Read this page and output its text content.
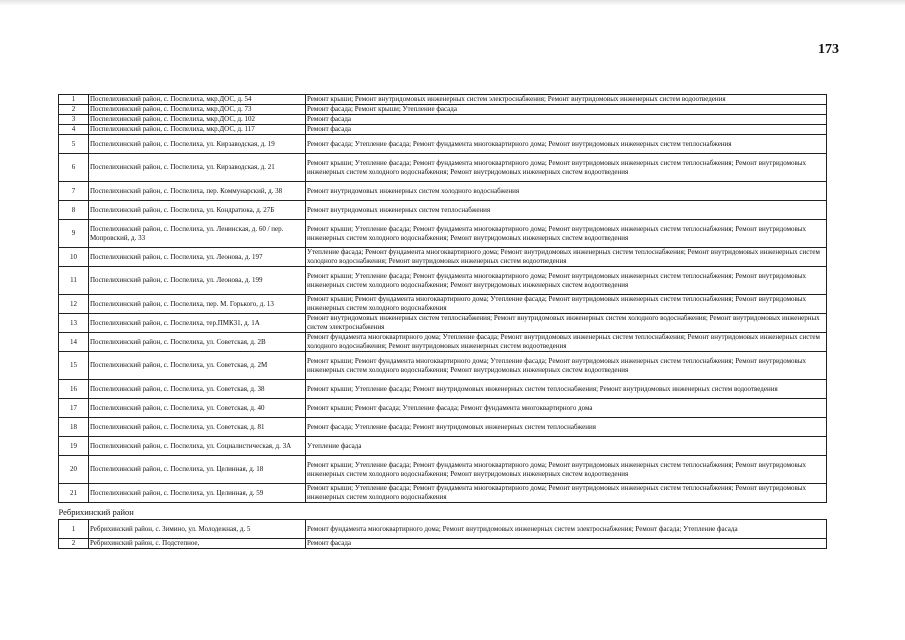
173
1	Поспелихинский район, с. Поспелиха, мкр.ДОС, д. 54	Ремонт крыши; Ремонт внутридомовых инженерных систем электроснабжения; Ремонт внутридомовых инженерных систем водоотведения
2	Поспелихинский район, с. Поспелиха, мкр.ДОС, д. 73	Ремонт фасада; Ремонт крыши; Утепление фасада
3	Поспелихинский район, с. Поспелиха, мкр.ДОС, д. 102	Ремонт фасада
4	Поспелихинский район, с. Поспелиха, мкр.ДОС, д. 117	Ремонт фасада
5	Поспелихинский район, с. Поспелиха, ул. Кирзаводская, д. 19	Ремонт фасада; Утепление фасада; Ремонт фундамента многоквартирного дома; Ремонт внутридомовых инженерных систем теплоснабжения
6	Поспелихинский район, с. Поспелиха, ул. Кирзаводская, д. 21	Ремонт крыши; Утепление фасада; Ремонт фундамента многоквартирного дома; Ремонт внутридомовых инженерных систем теплоснабжения; Ремонт внутридомовых инженерных систем холодного водоснабжения; Ремонт внутридомовых инженерных систем водоотведения
7	Поспелихинский район, с. Поспелиха, пер. Коммунарский, д. 38	Ремонт внутридомовых инженерных систем холодного водоснабжения
8	Поспелихинский район, с. Поспелиха, ул. Кондратюка, д. 27Б	Ремонт внутридомовых инженерных систем теплоснабжения
9	Поспелихинский район, с. Поспелиха, ул. Ленинская, д. 60 / пер. Мопровский, д. 33	Ремонт крыши; Утепление фасада; Ремонт фундамента многоквартирного дома; Ремонт внутридомовых инженерных систем теплоснабжения; Ремонт внутридомовых инженерных систем холодного водоснабжения; Ремонт внутридомовых инженерных систем водоотведения
10	Поспелихинский район, с. Поспелиха, ул. Леонова, д. 197	Утепление фасада; Ремонт фундамента многоквартирного дома; Ремонт внутридомовых инженерных систем теплоснабжения; Ремонт внутридомовых инженерных систем холодного водоснабжения; Ремонт внутридомовых инженерных систем водоотведения
11	Поспелихинский район, с. Поспелиха, ул. Леонова, д. 199	Ремонт крыши; Утепление фасада; Ремонт фундамента многоквартирного дома; Ремонт внутридомовых инженерных систем теплоснабжения; Ремонт внутридомовых инженерных систем холодного водоснабжения; Ремонт внутридомовых инженерных систем водоотведения
12	Поспелихинский район, с. Поспелиха, пер. М. Горького, д. 13	Ремонт крыши; Ремонт фундамента многоквартирного дома; Утепление фасада; Ремонт внутридомовых инженерных систем теплоснабжения; Ремонт внутридомовых инженерных систем холодного водоснабжения
13	Поспелихинский район, с. Поспелиха, тер.ПМК31, д. 1А	Ремонт внутридомовых инженерных систем теплоснабжения; Ремонт внутридомовых инженерных систем холодного водоснабжения; Ремонт внутридомовых инженерных систем электроснабжения
14	Поспелихинский район, с. Поспелиха, ул. Советская, д. 2В	Ремонт фундамента многоквартирного дома; Утепление фасада; Ремонт внутридомовых инженерных систем теплоснабжения; Ремонт внутридомовых инженерных систем холодного водоснабжения; Ремонт внутридомовых инженерных систем водоотведения
15	Поспелихинский район, с. Поспелиха, ул. Советская, д. 2М	Ремонт крыши; Ремонт фундамента многоквартирного дома; Утепление фасада; Ремонт внутридомовых инженерных систем теплоснабжения; Ремонт внутридомовых инженерных систем холодного водоснабжения; Ремонт внутридомовых инженерных систем водоотведения
16	Поспелихинский район, с. Поспелиха, ул. Советская, д. 38	Ремонт крыши; Утепление фасада; Ремонт внутридомовых инженерных систем теплоснабжения; Ремонт внутридомовых инженерных систем водоотведения
17	Поспелихинский район, с. Поспелиха, ул. Советская, д. 40	Ремонт крыши; Ремонт фасада; Утепление фасада; Ремонт фундамента многоквартирного дома
18	Поспелихинский район, с. Поспелиха, ул. Советская, д. 81	Ремонт фасада; Утепление фасада; Ремонт внутридомовых инженерных систем теплоснабжения
19	Поспелихинский район, с. Поспелиха, ул. Социалистическая, д. 3А	Утепление фасада
20	Поспелихинский район, с. Поспелиха, ул. Целинная, д. 18	Ремонт крыши; Утепление фасада; Ремонт фундамента многоквартирного дома; Ремонт внутридомовых инженерных систем теплоснабжения; Ремонт внутридомовых инженерных систем холодного водоснабжения; Ремонт внутридомовых инженерных систем водоотведения
21	Поспелихинский район, с. Поспелиха, ул. Целинная, д. 59	Ремонт крыши; Утепление фасада; Ремонт фундамента многоквартирного дома; Ремонт внутридомовых инженерных систем теплоснабжения; Ремонт внутридомовых инженерных систем холодного водоснабжения
Ребрихинский район		
1	Ребрихинский район, с. Зимино, ул. Молодежная, д. 5	Ремонт фундамента многоквартирного дома; Ремонт внутридомовых инженерных систем электроснабжения; Ремонт фасада; Утепление фасада
2	Ребрихинский район, с. Подстепное,	Ремонт фасада
